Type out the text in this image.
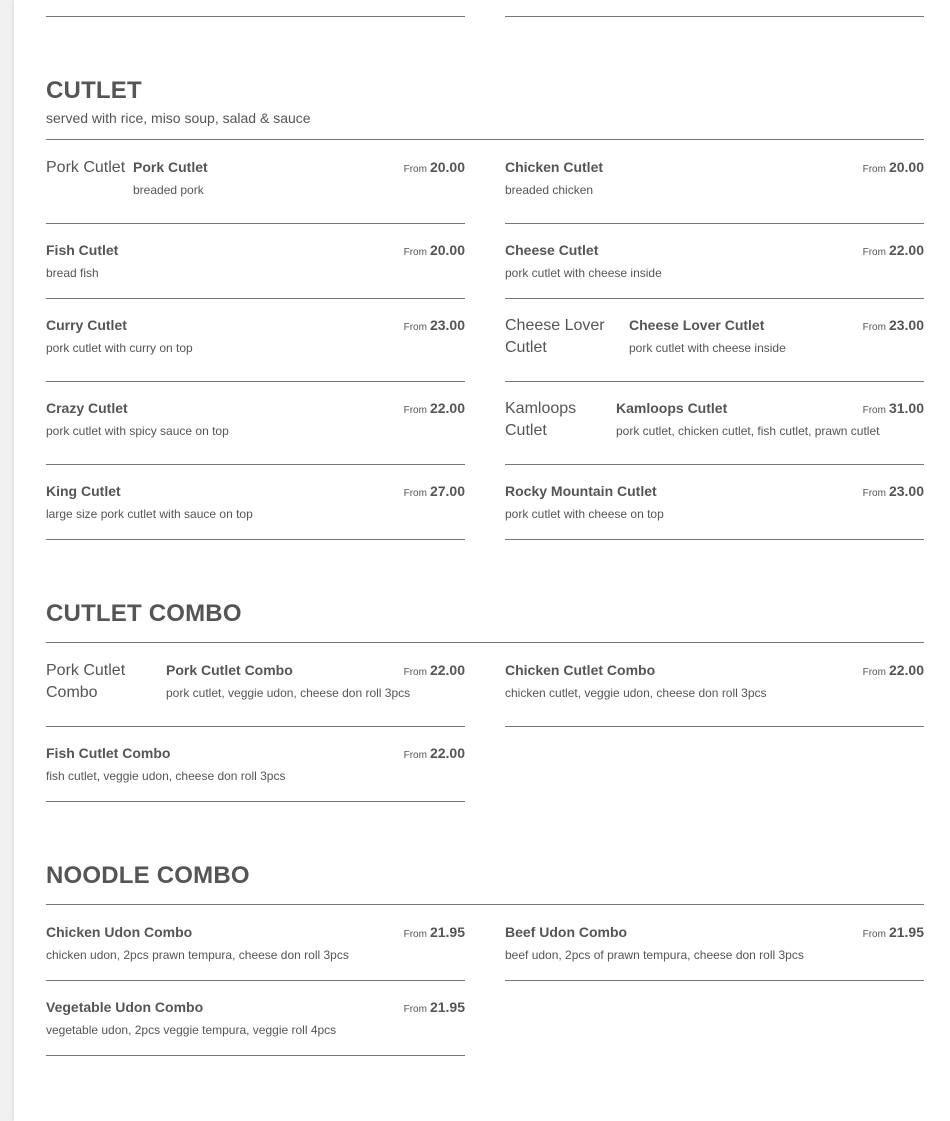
CUTLET
served with rice, miso soup, salad & sauce
Pork Cutlet Pork Cutlet
breaded pork
From 20.00	Chicken Cutlet
breaded chicken
From 20.00
Fish Cutlet
bread fish
From 20.00	Cheese Cutlet
pork cutlet with cheese inside
From 22.00
Curry Cutlet
pork cutlet with curry on top
From 23.00	Cheese Lover Cutlet
Cheese Lover Cutlet
pork cutlet with cheese inside
From 23.00
Crazy Cutlet
pork cutlet with spicy sauce on top
From 22.00	Kamloops Cutlet
Kamloops Cutlet
pork cutlet, chicken cutlet, fish cutlet, prawn cutlet
From 31.00
King Cutlet
large size pork cutlet with sauce on top
From 27.00	Rocky Mountain Cutlet
pork cutlet with cheese on top
From 23.00
CUTLET COMBO
Pork Cutlet Combo
Pork Cutlet Combo
pork cutlet, veggie udon, cheese don roll 3pcs
From 22.00	Chicken Cutlet Combo
chicken cutlet, veggie udon, cheese don roll 3pcs
From 22.00
Fish Cutlet Combo
fish cutlet, veggie udon, cheese don roll 3pcs
From 22.00
NOODLE COMBO
Chicken Udon Combo
chicken udon, 2pcs prawn tempura, cheese don roll 3pcs
From 21.95	Beef Udon Combo
beef udon, 2pcs of prawn tempura, cheese don roll 3pcs
From 21.95
Vegetable Udon Combo
vegetable udon, 2pcs veggie tempura, veggie roll 4pcs
From 21.95
